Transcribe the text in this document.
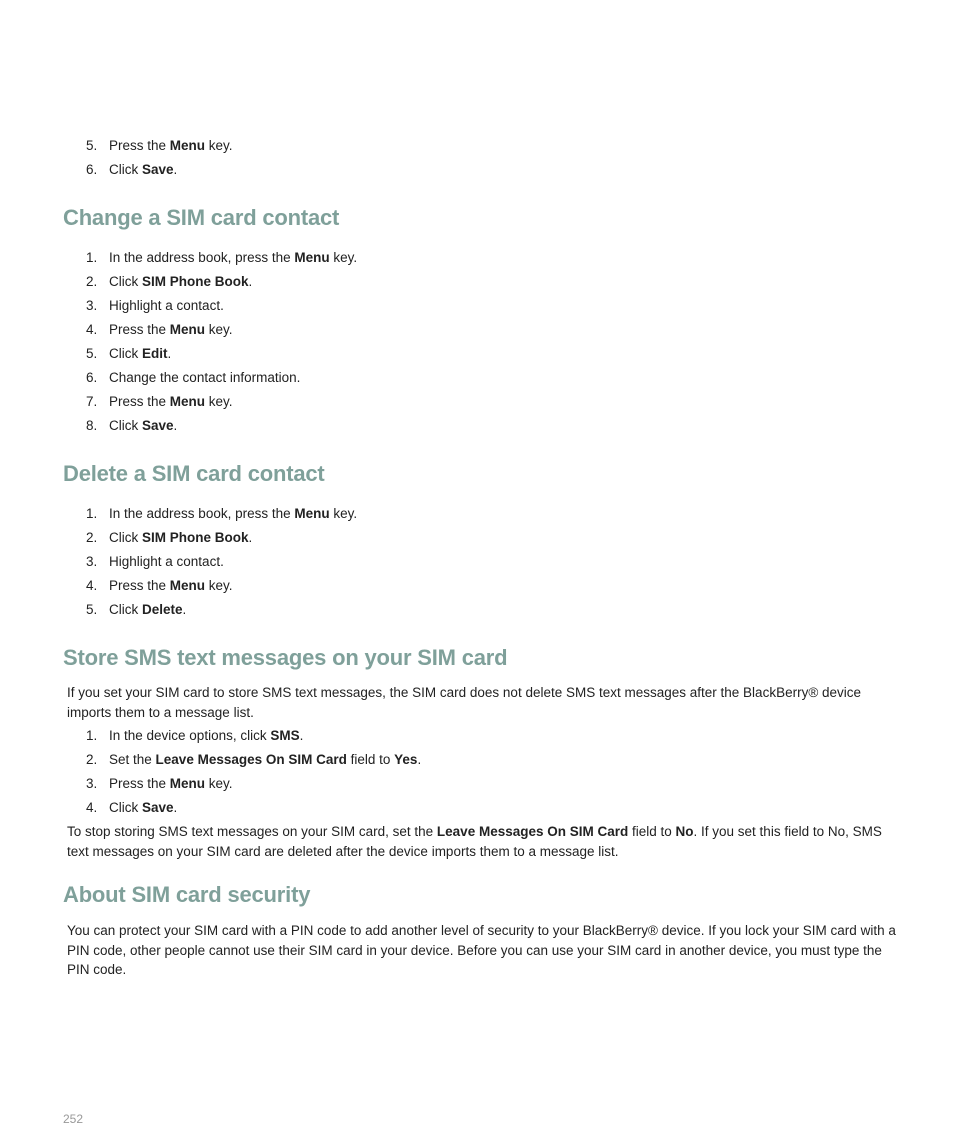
5. Press the Menu key.
6. Click Save.
Change a SIM card contact
1. In the address book, press the Menu key.
2. Click SIM Phone Book.
3. Highlight a contact.
4. Press the Menu key.
5. Click Edit.
6. Change the contact information.
7. Press the Menu key.
8. Click Save.
Delete a SIM card contact
1. In the address book, press the Menu key.
2. Click SIM Phone Book.
3. Highlight a contact.
4. Press the Menu key.
5. Click Delete.
Store SMS text messages on your SIM card

If you set your SIM card to store SMS text messages, the SIM card does not delete SMS text messages after the BlackBerry® device imports them to a message list.

1. In the device options, click SMS.
2. Set the Leave Messages On SIM Card field to Yes.
3. Press the Menu key.
4. Click Save.

To stop storing SMS text messages on your SIM card, set the Leave Messages On SIM Card field to No. If you set this field to No, SMS text messages on your SIM card are deleted after the device imports them to a message list.

About SIM card security

You can protect your SIM card with a PIN code to add another level of security to your BlackBerry® device. If you lock your SIM card with a PIN code, other people cannot use their SIM card in your device. Before you can use your SIM card in another device, you must type the PIN code.

252
